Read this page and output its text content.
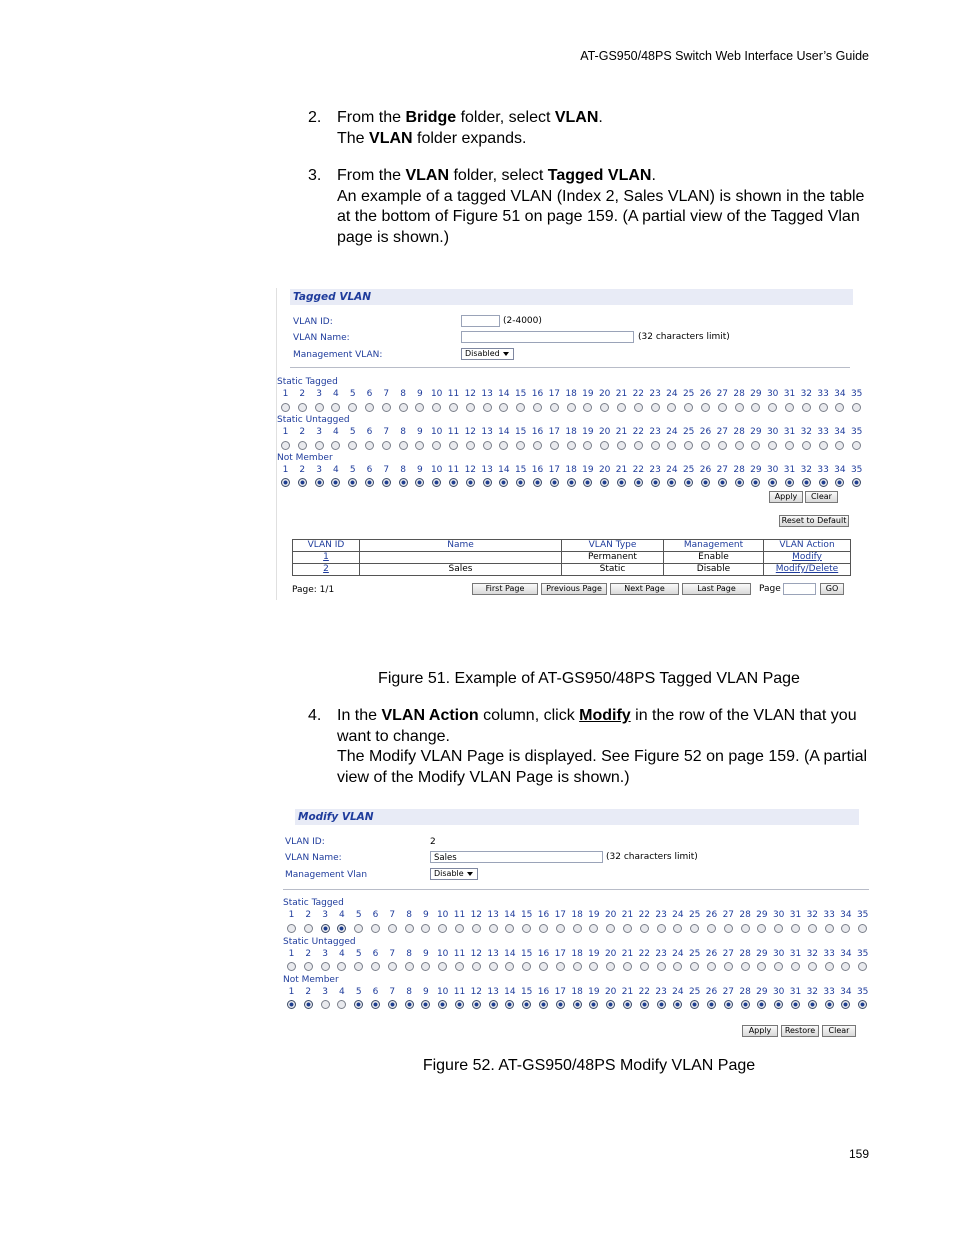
AT-GS950/48PS Switch Web Interface User’s Guide
2. From the Bridge folder, select VLAN.
The VLAN folder expands.
3. From the VLAN folder, select Tagged VLAN.
An example of a tagged VLAN (Index 2, Sales VLAN) is shown in the table at the bottom of Figure 51 on page 159. (A partial view of the Tagged Vlan page is shown.)
Tagged VLAN
VLAN ID:	(2-4000)
VLAN Name:	(32 characters limit)
Management VLAN:	Disabled
Static Tagged
1	2	3	4	5	6	7	8	9 10 11 12 13 14 15 16 17 18 19 20 21 22 23 24 25 26 27 28 29 30 31 32 33 34 35
Static Untagged
1	2	3	4	5	6	7	8	9 10 11 12 13 14 15 16 17 18 19 20 21 22 23 24 25 26 27 28 29 30 31 32 33 34 35
Not Member
1	2	3	4	5	6	7	8	9 10 11 12 13 14 15 16 17 18 19 20 21 22 23 24 25 26 27 28 29 30 31 32 33 34 35
Apply	Clear
Reset to Default
VLAN ID	Name	VLAN Type	Management	VLAN Action
1		Permanent	Enable	Modify
2	Sales	Static	Disable	Modify/Delete
Page: 1/1	First Page	Previous Page	Next Page	Last Page	Page	GO
Figure 51. Example of AT-GS950/48PS Tagged VLAN Page
4. In the VLAN Action column, click Modify in the row of the VLAN that you want to change.
The Modify VLAN Page is displayed. See Figure 52 on page 159. (A partial view of the Modify VLAN Page is shown.)
Modify VLAN
VLAN ID:	2
VLAN Name:	Sales	(32 characters limit)
Management Vlan	Disable
Static Tagged
1	2	3	4	5	6	7	8	9 10 11 12 13 14 15 16 17 18 19 20 21 22 23 24 25 26 27 28 29 30 31 32 33 34 35
Static Untagged
1	2	3	4	5	6	7	8	9 10 11 12 13 14 15 16 17 18 19 20 21 22 23 24 25 26 27 28 29 30 31 32 33 34 35
Not Member
1	2	3	4	5	6	7	8	9 10 11 12 13 14 15 16 17 18 19 20 21 22 23 24 25 26 27 28 29 30 31 32 33 34 35
Apply	Restore	Clear
Figure 52. AT-GS950/48PS Modify VLAN Page
159
